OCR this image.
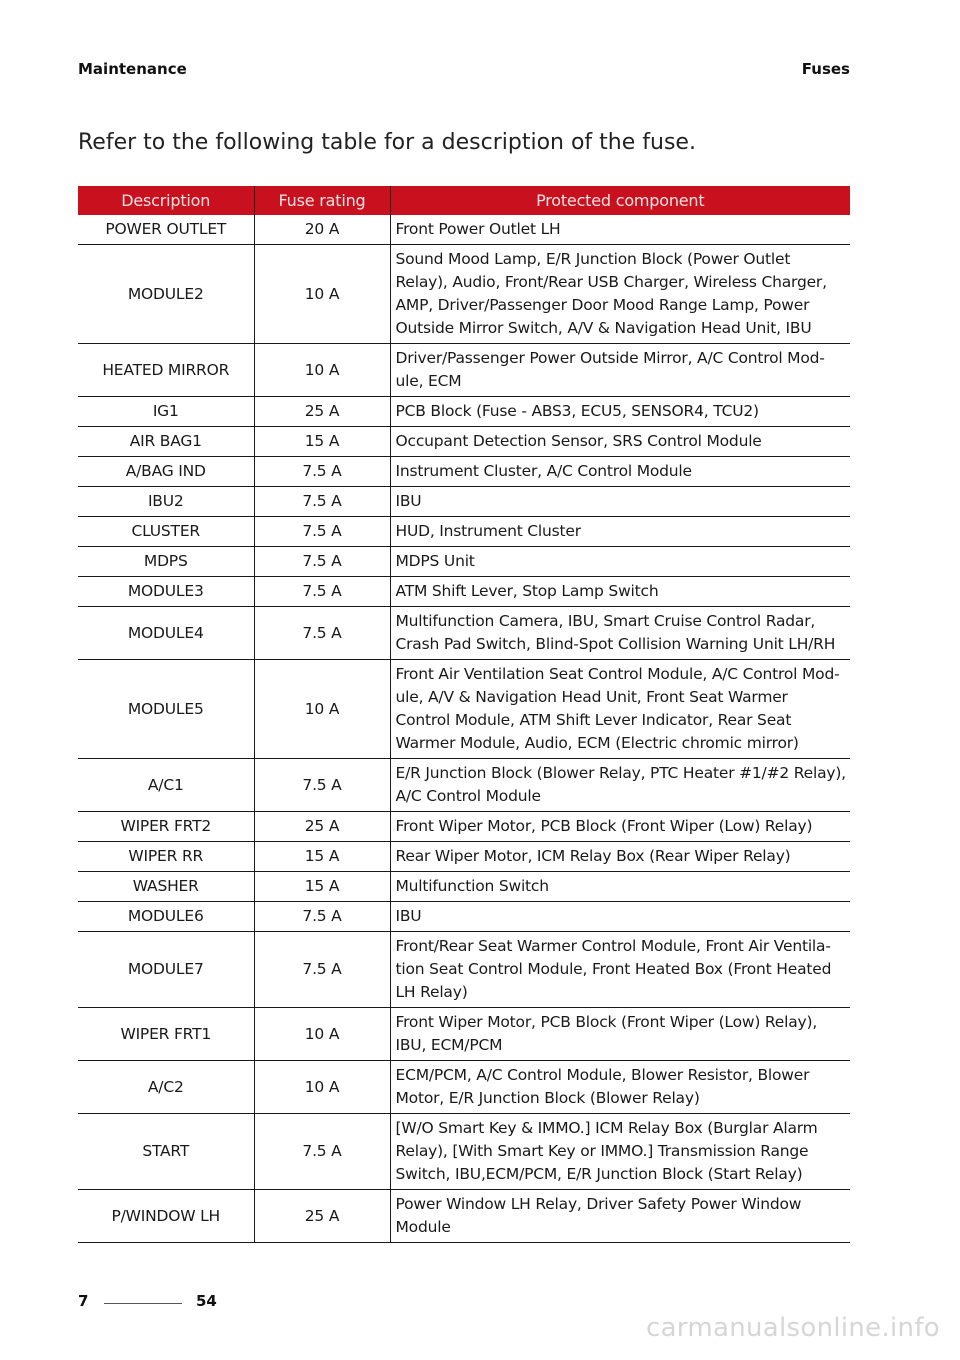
Maintenance	Fuses

Refer to the following table for a description of the fuse.

Description	Fuse rating	Protected component
POWER OUTLET	20 A	Front Power Outlet LH
MODULE2	10 A	Sound Mood Lamp, E/R Junction Block (Power Outlet Relay), Audio, Front/Rear USB Charger, Wireless Charger, AMP, Driver/Passenger Door Mood Range Lamp, Power Outside Mirror Switch, A/V & Navigation Head Unit, IBU
HEATED MIRROR	10 A	Driver/Passenger Power Outside Mirror, A/C Control Module, ECM
IG1	25 A	PCB Block (Fuse - ABS3, ECU5, SENSOR4, TCU2)
AIR BAG1	15 A	Occupant Detection Sensor, SRS Control Module
A/BAG IND	7.5 A	Instrument Cluster, A/C Control Module
IBU2	7.5 A	IBU
CLUSTER	7.5 A	HUD, Instrument Cluster
MDPS	7.5 A	MDPS Unit
MODULE3	7.5 A	ATM Shift Lever, Stop Lamp Switch
MODULE4	7.5 A	Multifunction Camera, IBU, Smart Cruise Control Radar, Crash Pad Switch, Blind-Spot Collision Warning Unit LH/RH
MODULE5	10 A	Front Air Ventilation Seat Control Module, A/C Control Module, A/V & Navigation Head Unit, Front Seat Warmer Control Module, ATM Shift Lever Indicator, Rear Seat Warmer Module, Audio, ECM (Electric chromic mirror)
A/C1	7.5 A	E/R Junction Block (Blower Relay, PTC Heater #1/#2 Relay), A/C Control Module
WIPER FRT2	25 A	Front Wiper Motor, PCB Block (Front Wiper (Low) Relay)
WIPER RR	15 A	Rear Wiper Motor, ICM Relay Box (Rear Wiper Relay)
WASHER	15 A	Multifunction Switch
MODULE6	7.5 A	IBU
MODULE7	7.5 A	Front/Rear Seat Warmer Control Module, Front Air Ventilation Seat Control Module, Front Heated Box (Front Heated LH Relay)
WIPER FRT1	10 A	Front Wiper Motor, PCB Block (Front Wiper (Low) Relay), IBU, ECM/PCM
A/C2	10 A	ECM/PCM, A/C Control Module, Blower Resistor, Blower Motor, E/R Junction Block (Blower Relay)
START	7.5 A	[W/O Smart Key & IMMO.] ICM Relay Box (Burglar Alarm Relay), [With Smart Key or IMMO.] Transmission Range Switch, IBU,ECM/PCM, E/R Junction Block (Start Relay)
P/WINDOW LH	25 A	Power Window LH Relay, Driver Safety Power Window Module
7	54
carmanualsonline.info
